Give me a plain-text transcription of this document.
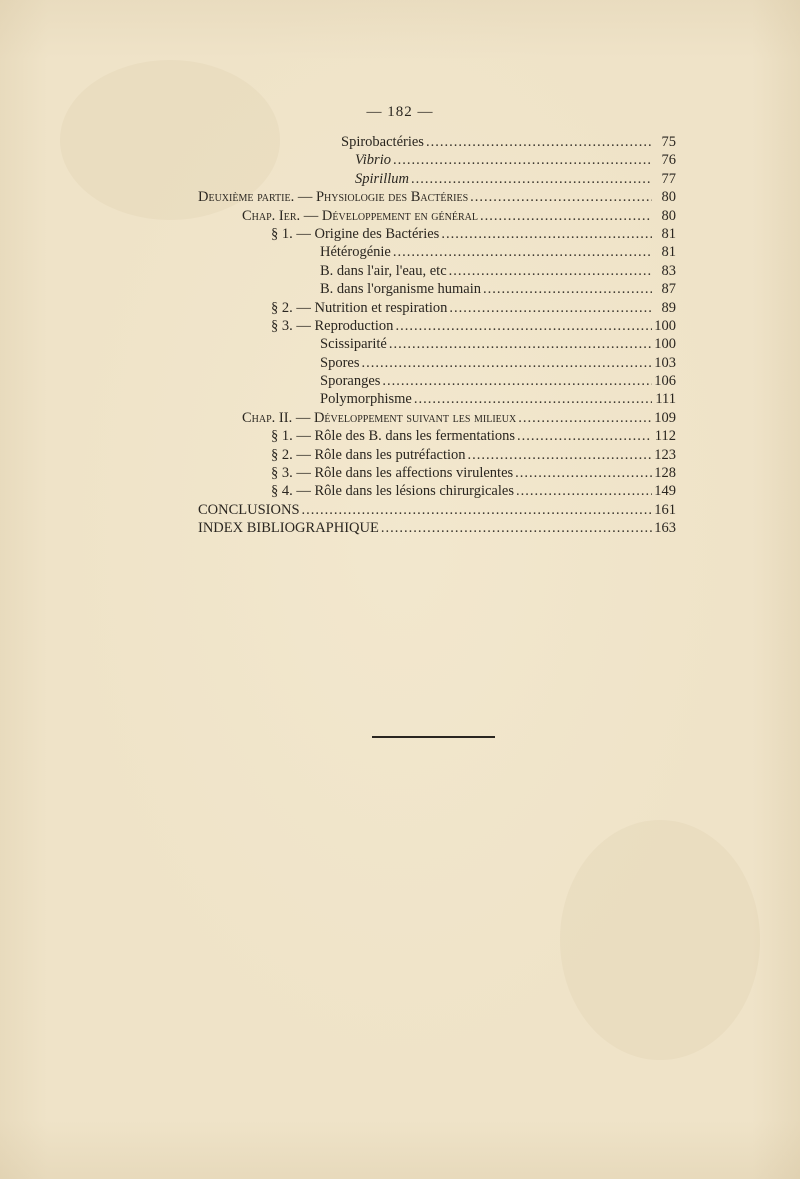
— 182 —
Spirobactéries .....	75
Vibrio .....	76
Spirillum .....	77
Deuxième partie. — Physiologie des Bactéries .....	80
Chap. Ier. — Développement en général .....	80
§ 1. — Origine des Bactéries .....	81
Hétérogénie .....	81
B. dans l'air, l'eau, etc .....	83
B. dans l'organisme humain .....	87
§ 2. — Nutrition et respiration .....	89
§ 3. — Reproduction .....	100
Scissiparité .....	100
Spores .....	103
Sporanges .....	106
Polymorphisme .....	111
Chap. II. — Développement suivant les milieux .....	109
§ 1. — Rôle des B. dans les fermentations .....	112
§ 2. — Rôle dans les putréfaction .....	123
§ 3. — Rôle dans les affections virulentes .....	128
§ 4. — Rôle dans les lésions chirurgicales .....	149
CONCLUSIONS .....	161
INDEX BIBLIOGRAPHIQUE .....	163
